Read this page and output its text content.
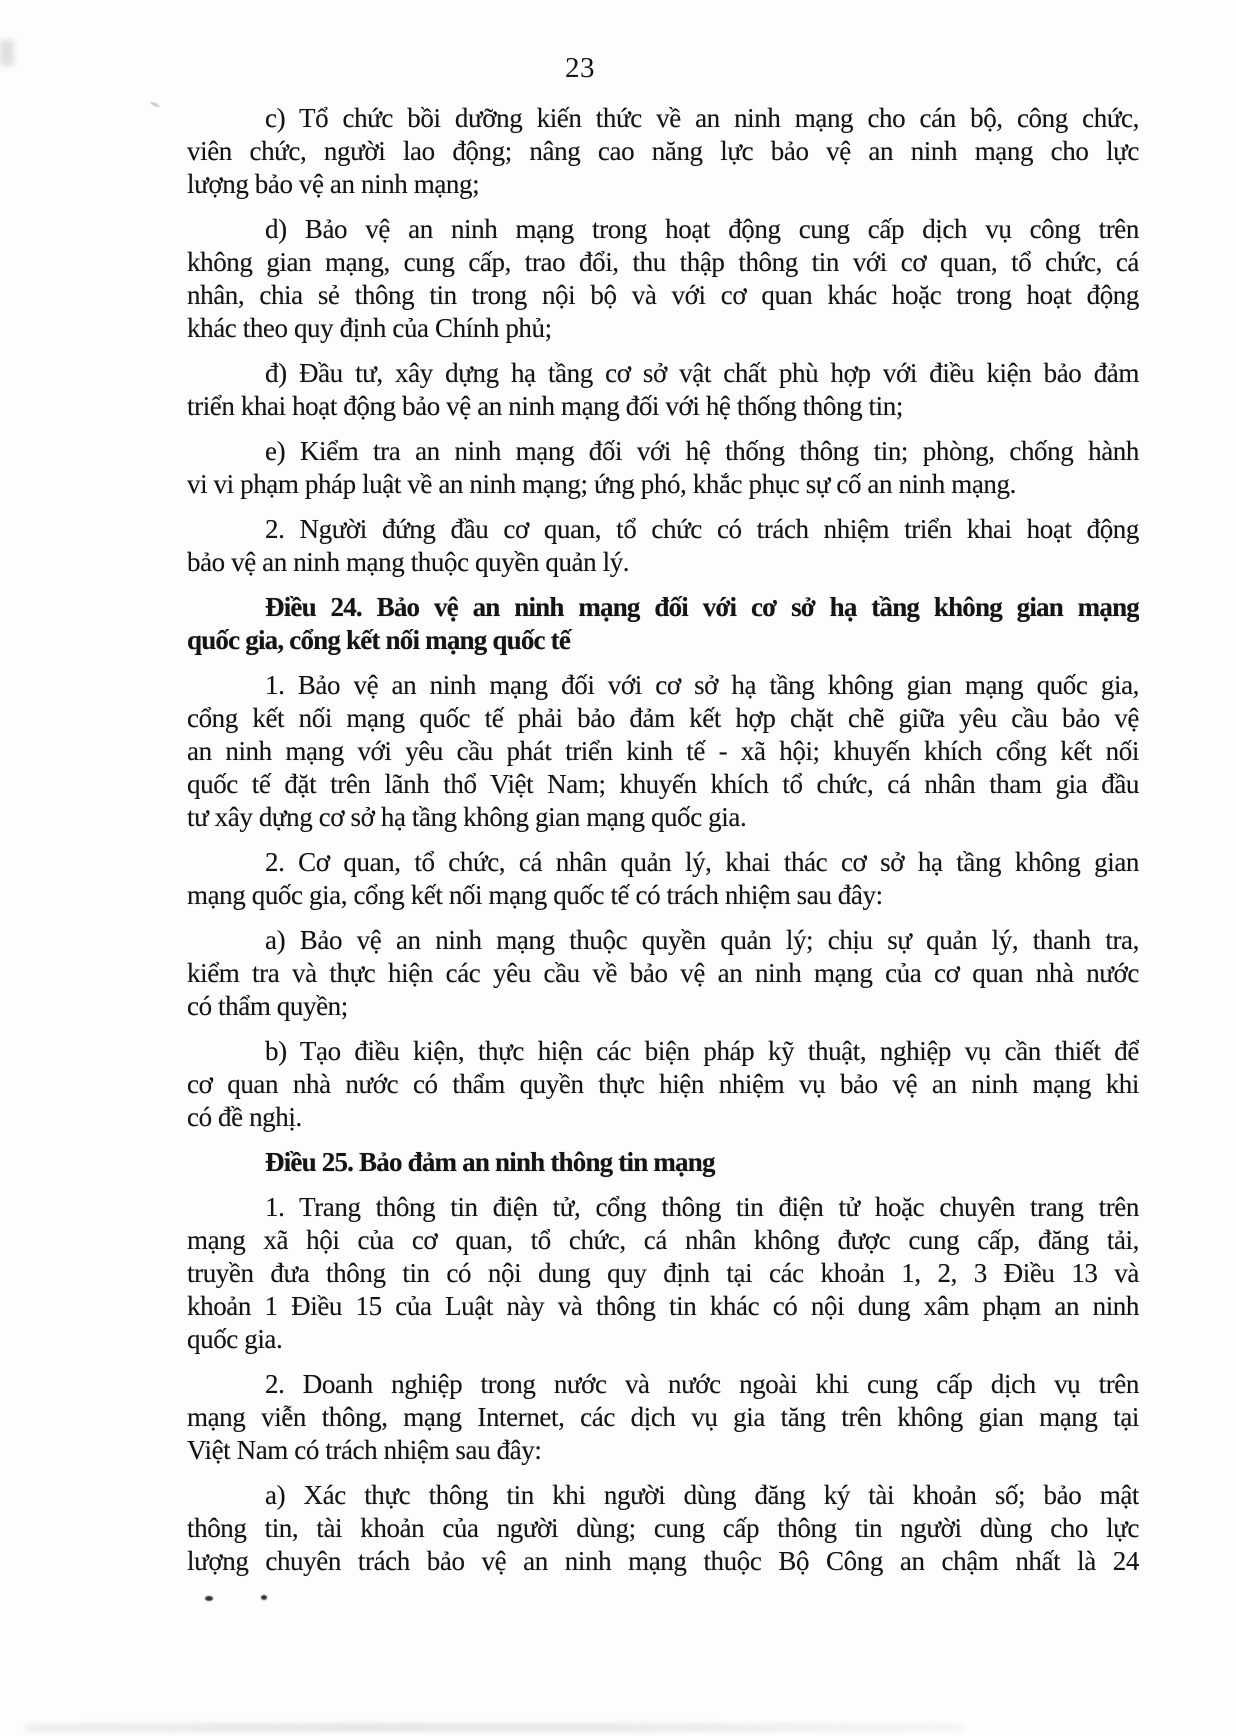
23
c) Tổ chức bồi dưỡng kiến thức về an ninh mạng cho cán bộ, công chức,
viên chức, người lao động; nâng cao năng lực bảo vệ an ninh mạng cho lực
lượng bảo vệ an ninh mạng;
d) Bảo vệ an ninh mạng trong hoạt động cung cấp dịch vụ công trên
không gian mạng, cung cấp, trao đổi, thu thập thông tin với cơ quan, tổ chức, cá
nhân, chia sẻ thông tin trong nội bộ và với cơ quan khác hoặc trong hoạt động
khác theo quy định của Chính phủ;
đ) Đầu tư, xây dựng hạ tầng cơ sở vật chất phù hợp với điều kiện bảo đảm
triển khai hoạt động bảo vệ an ninh mạng đối với hệ thống thông tin;
e) Kiểm tra an ninh mạng đối với hệ thống thông tin; phòng, chống hành
vi vi phạm pháp luật về an ninh mạng; ứng phó, khắc phục sự cố an ninh mạng.
2. Người đứng đầu cơ quan, tổ chức có trách nhiệm triển khai hoạt động
bảo vệ an ninh mạng thuộc quyền quản lý.
Điều 24. Bảo vệ an ninh mạng đối với cơ sở hạ tầng không gian mạng
quốc gia, cổng kết nối mạng quốc tế
1. Bảo vệ an ninh mạng đối với cơ sở hạ tầng không gian mạng quốc gia,
cổng kết nối mạng quốc tế phải bảo đảm kết hợp chặt chẽ giữa yêu cầu bảo vệ
an ninh mạng với yêu cầu phát triển kinh tế - xã hội; khuyến khích cổng kết nối
quốc tế đặt trên lãnh thổ Việt Nam; khuyến khích tổ chức, cá nhân tham gia đầu
tư xây dựng cơ sở hạ tầng không gian mạng quốc gia.
2. Cơ quan, tổ chức, cá nhân quản lý, khai thác cơ sở hạ tầng không gian
mạng quốc gia, cổng kết nối mạng quốc tế có trách nhiệm sau đây:
a) Bảo vệ an ninh mạng thuộc quyền quản lý; chịu sự quản lý, thanh tra,
kiểm tra và thực hiện các yêu cầu về bảo vệ an ninh mạng của cơ quan nhà nước
có thẩm quyền;
b) Tạo điều kiện, thực hiện các biện pháp kỹ thuật, nghiệp vụ cần thiết để
cơ quan nhà nước có thẩm quyền thực hiện nhiệm vụ bảo vệ an ninh mạng khi
có đề nghị.
Điều 25. Bảo đảm an ninh thông tin mạng
1. Trang thông tin điện tử, cổng thông tin điện tử hoặc chuyên trang trên
mạng xã hội của cơ quan, tổ chức, cá nhân không được cung cấp, đăng tải,
truyền đưa thông tin có nội dung quy định tại các khoản 1, 2, 3 Điều 13 và
khoản 1 Điều 15 của Luật này và thông tin khác có nội dung xâm phạm an ninh
quốc gia.
2. Doanh nghiệp trong nước và nước ngoài khi cung cấp dịch vụ trên
mạng viễn thông, mạng Internet, các dịch vụ gia tăng trên không gian mạng tại
Việt Nam có trách nhiệm sau đây:
a) Xác thực thông tin khi người dùng đăng ký tài khoản số; bảo mật
thông tin, tài khoản của người dùng; cung cấp thông tin người dùng cho lực
lượng chuyên trách bảo vệ an ninh mạng thuộc Bộ Công an chậm nhất là 24
